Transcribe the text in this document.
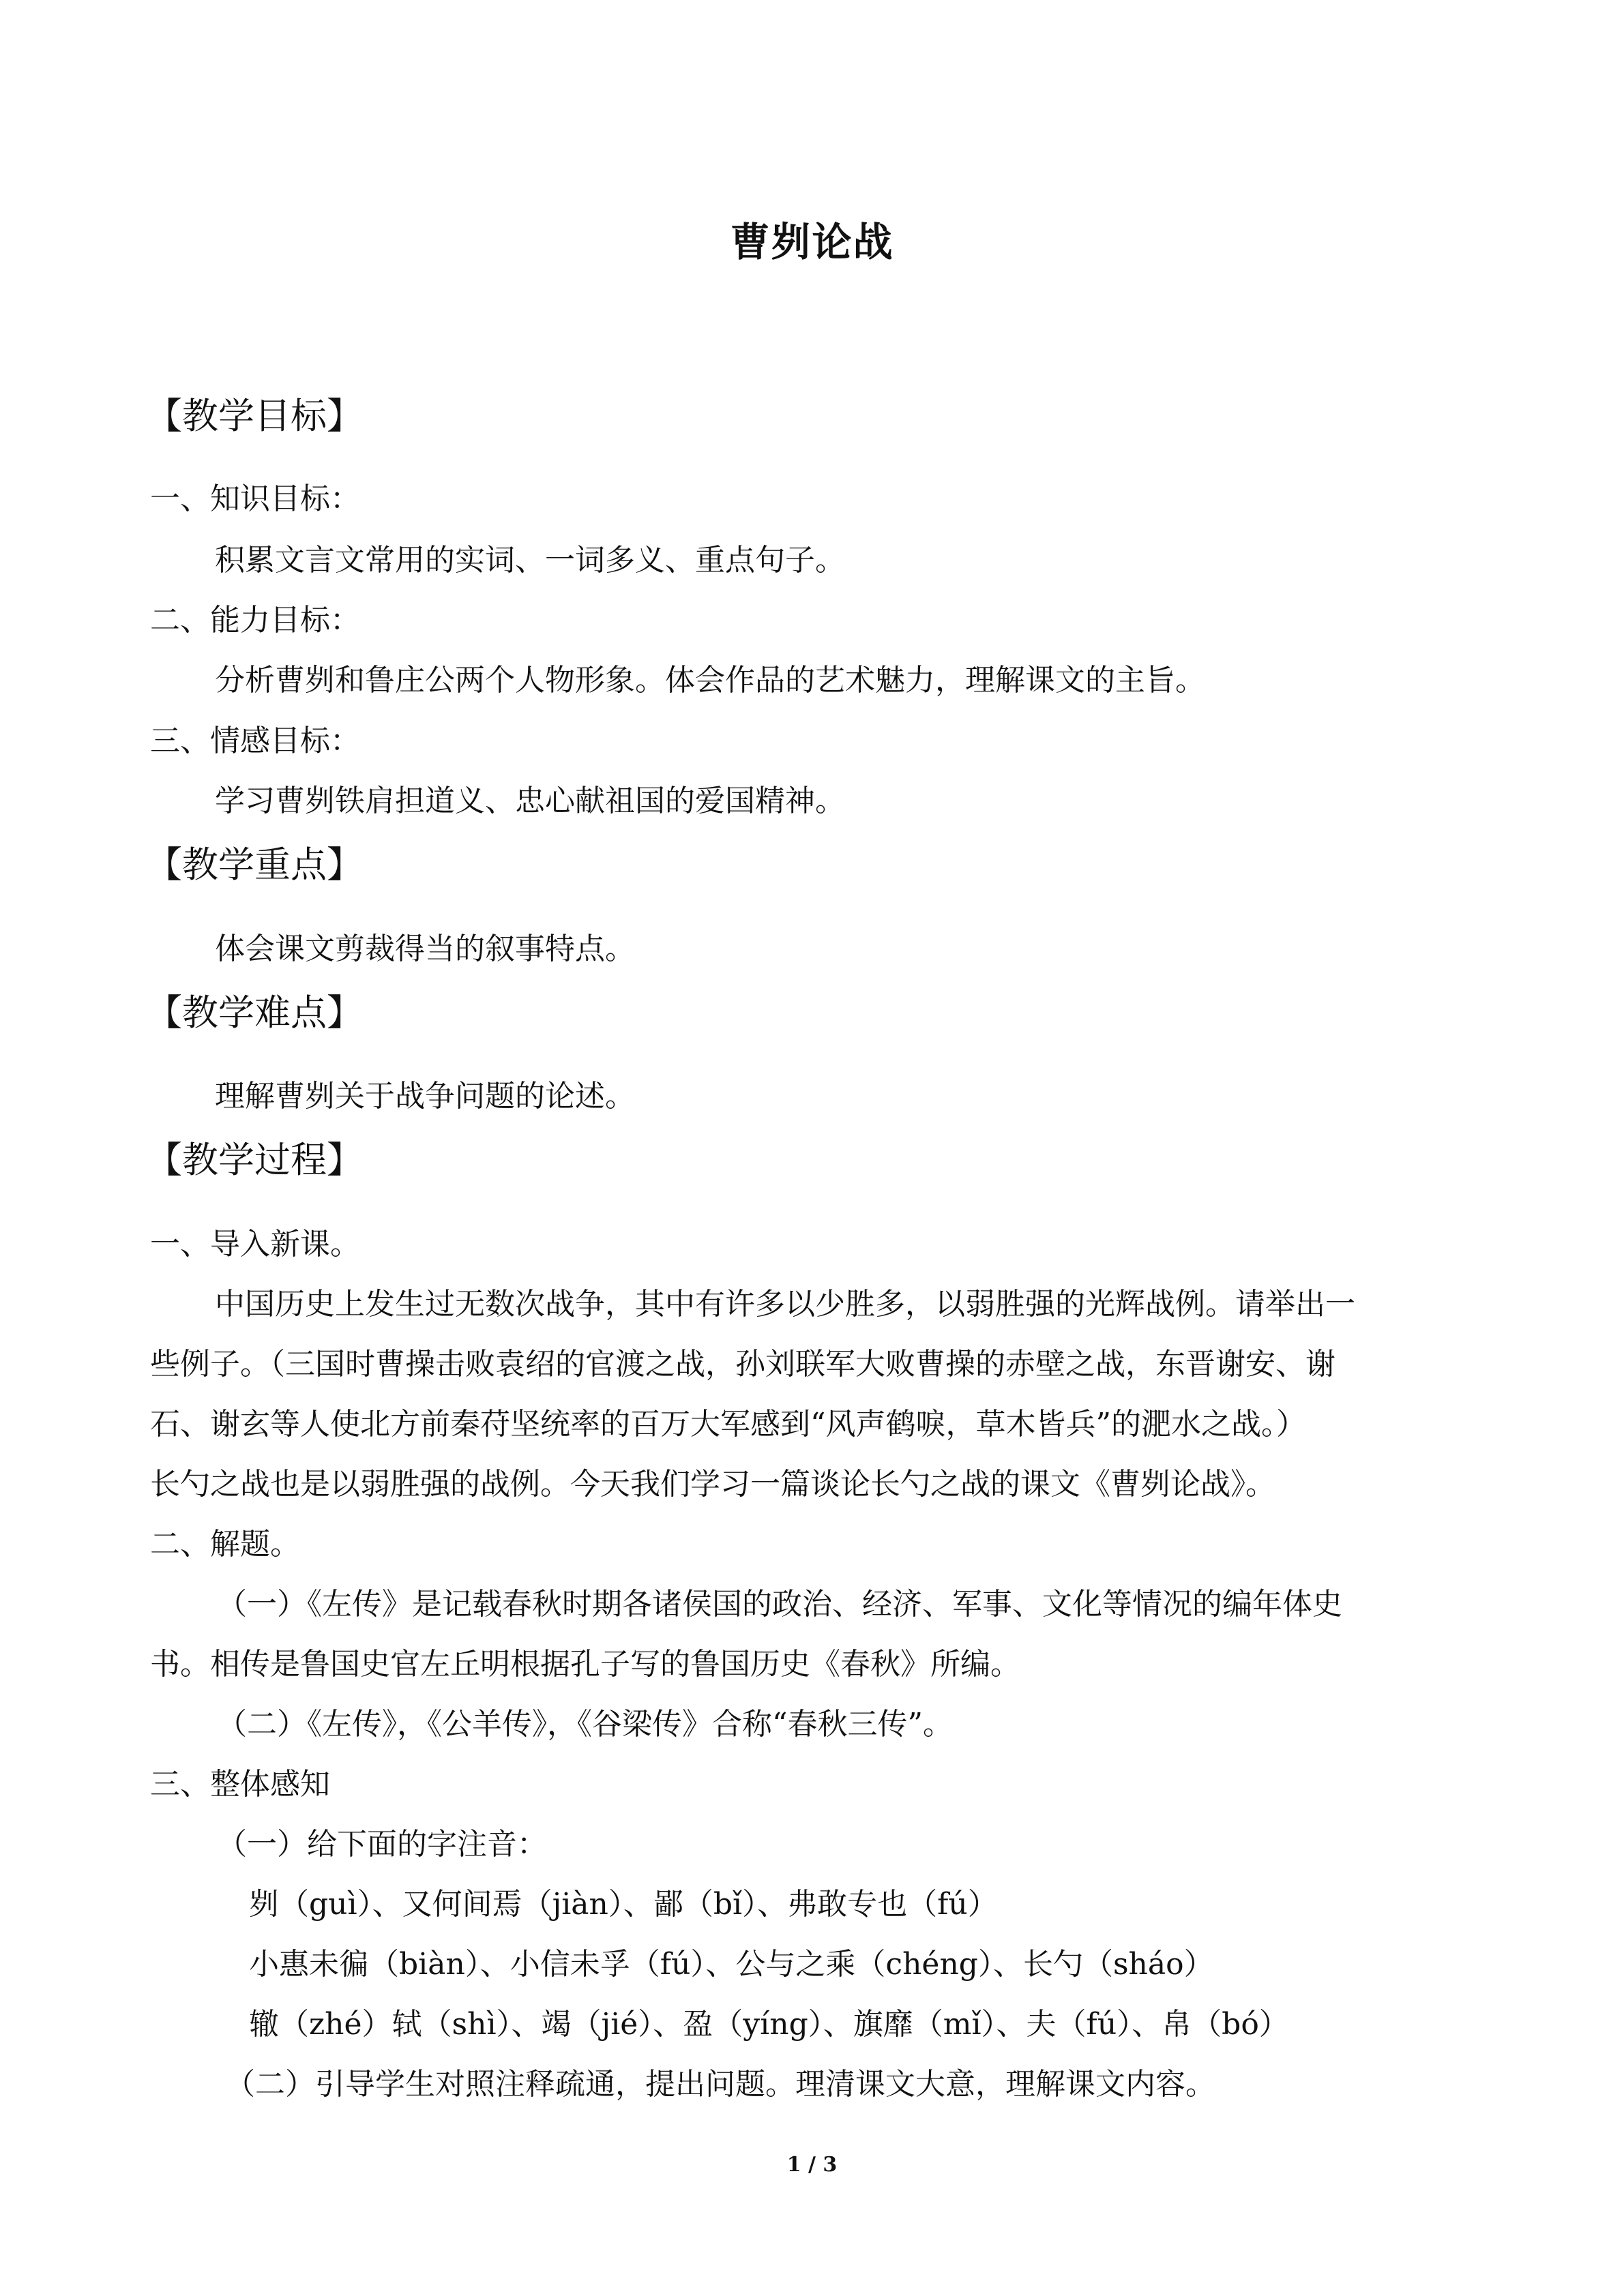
曹刿论战
【教学目标】
一、知识目标：
积累文言文常用的实词、一词多义、重点句子。
二、能力目标：
分析曹刿和鲁庄公两个人物形象。体会作品的艺术魅力，理解课文的主旨。
三、情感目标：
学习曹刿铁肩担道义、忠心献祖国的爱国精神。
【教学重点】
体会课文剪裁得当的叙事特点。
【教学难点】
理解曹刿关于战争问题的论述。
【教学过程】
一、导入新课。
中国历史上发生过无数次战争，其中有许多以少胜多，以弱胜强的光辉战例。请举出一
些例子。（三国时曹操击败袁绍的官渡之战，孙刘联军大败曹操的赤壁之战，东晋谢安、谢
石、谢玄等人使北方前秦苻坚统率的百万大军感到“风声鹤唳，草木皆兵”的淝水之战。）
长勺之战也是以弱胜强的战例。今天我们学习一篇谈论长勺之战的课文《曹刿论战》。
二、解题。
（一）《左传》是记载春秋时期各诸侯国的政治、经济、军事、文化等情况的编年体史
书。相传是鲁国史官左丘明根据孔子写的鲁国历史《春秋》所编。
（二）《左传》，《公羊传》，《谷梁传》合称“春秋三传”。
三、整体感知
（一）给下面的字注音：
刿（guì）、又何间焉（jiàn）、鄙（bǐ）、弗敢专也（fú）
小惠未徧（biàn）、小信未孚（fú）、公与之乘（chéng）、长勺（sháo）
辙（zhé）轼（shì）、竭（jié）、盈（yíng）、旗靡（mǐ）、夫（fú）、帛（bó）
（二）引导学生对照注释疏通，提出问题。理清课文大意，理解课文内容。
1 / 3
